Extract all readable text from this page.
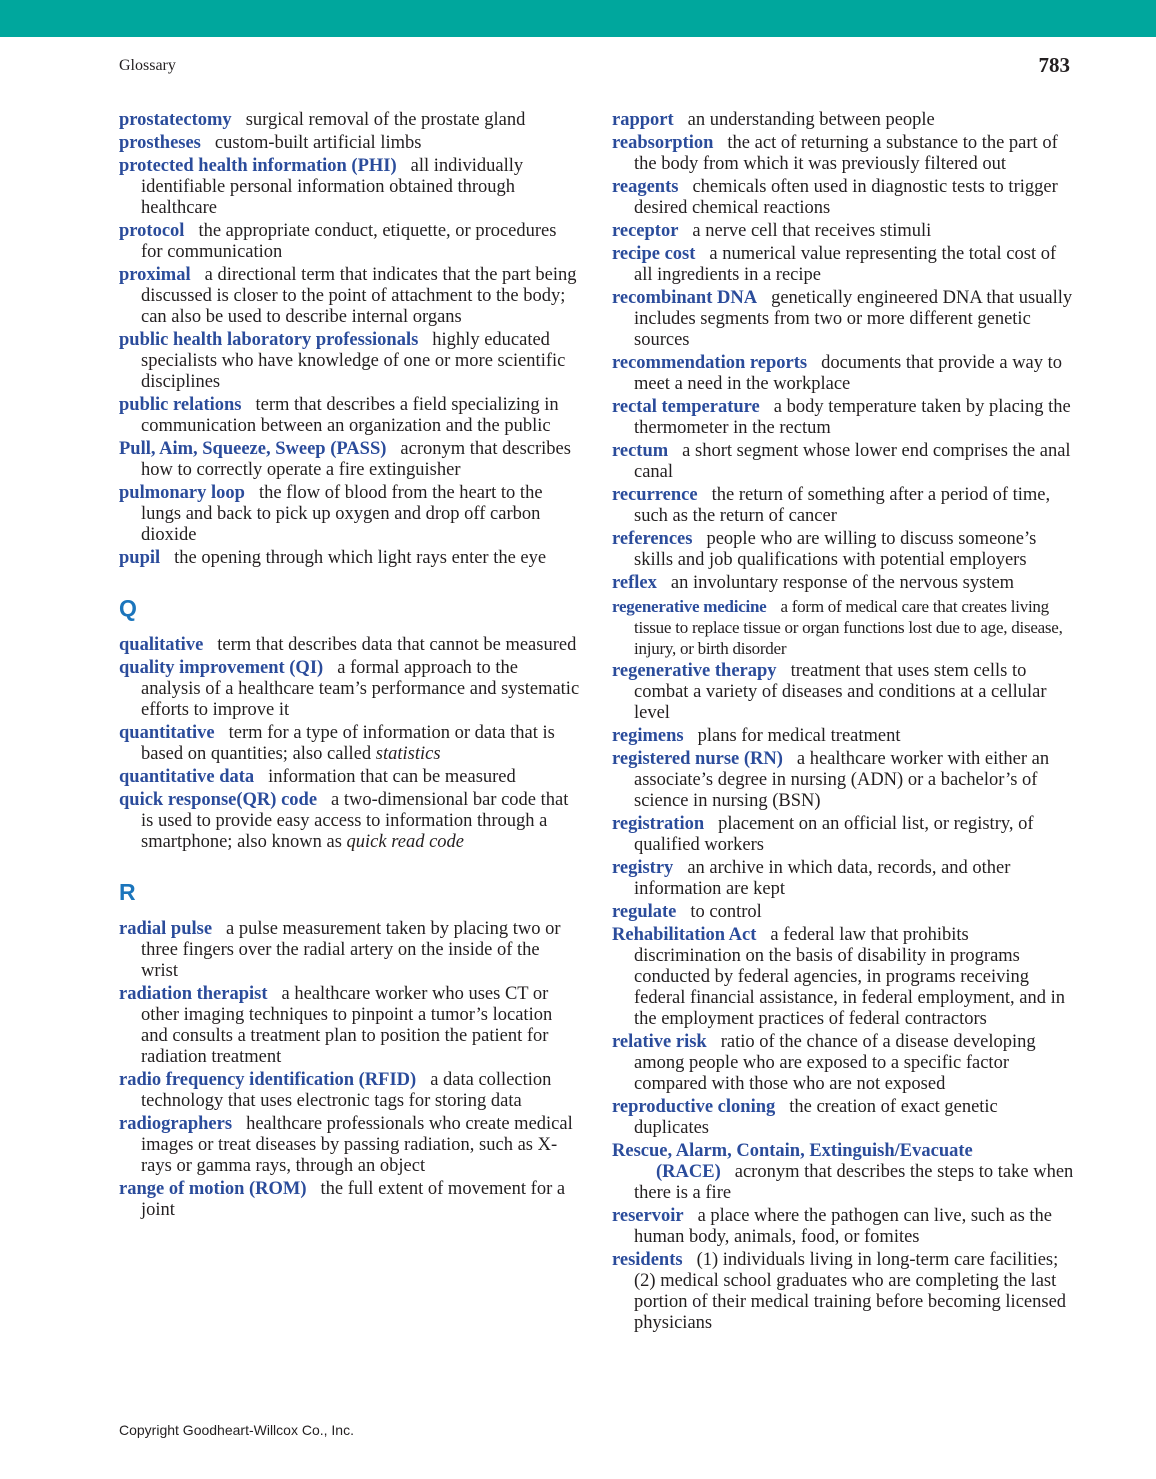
Glossary	783
prostatectomy surgical removal of the prostate gland
prostheses custom-built artificial limbs
protected health information (PHI) all individually identifiable personal information obtained through healthcare
protocol the appropriate conduct, etiquette, or procedures for communication
proximal a directional term that indicates that the part being discussed is closer to the point of attachment to the body; can also be used to describe internal organs
public health laboratory professionals highly educated specialists who have knowledge of one or more scientific disciplines
public relations term that describes a field specializing in communication between an organization and the public
Pull, Aim, Squeeze, Sweep (PASS) acronym that describes how to correctly operate a fire extinguisher
pulmonary loop the flow of blood from the heart to the lungs and back to pick up oxygen and drop off carbon dioxide
pupil the opening through which light rays enter the eye
Q
qualitative term that describes data that cannot be measured
quality improvement (QI) a formal approach to the analysis of a healthcare team’s performance and systematic efforts to improve it
quantitative term for a type of information or data that is based on quantities; also called statistics
quantitative data information that can be measured
quick response(QR) code a two-dimensional bar code that is used to provide easy access to information through a smartphone; also known as quick read code
R
radial pulse a pulse measurement taken by placing two or three fingers over the radial artery on the inside of the wrist
radiation therapist a healthcare worker who uses CT or other imaging techniques to pinpoint a tumor’s location and consults a treatment plan to position the patient for radiation treatment
radio frequency identification (RFID) a data collection technology that uses electronic tags for storing data
radiographers healthcare professionals who create medical images or treat diseases by passing radiation, such as X-rays or gamma rays, through an object
range of motion (ROM) the full extent of movement for a joint
rapport an understanding between people
reabsorption the act of returning a substance to the part of the body from which it was previously filtered out
reagents chemicals often used in diagnostic tests to trigger desired chemical reactions
receptor a nerve cell that receives stimuli
recipe cost a numerical value representing the total cost of all ingredients in a recipe
recombinant DNA genetically engineered DNA that usually includes segments from two or more different genetic sources
recommendation reports documents that provide a way to meet a need in the workplace
rectal temperature a body temperature taken by placing the thermometer in the rectum
rectum a short segment whose lower end comprises the anal canal
recurrence the return of something after a period of time, such as the return of cancer
references people who are willing to discuss someone’s skills and job qualifications with potential employers
reflex an involuntary response of the nervous system
regenerative medicine a form of medical care that creates living tissue to replace tissue or organ functions lost due to age, disease, injury, or birth disorder
regenerative therapy treatment that uses stem cells to combat a variety of diseases and conditions at a cellular level
regimens plans for medical treatment
registered nurse (RN) a healthcare worker with either an associate’s degree in nursing (ADN) or a bachelor’s of science in nursing (BSN)
registration placement on an official list, or registry, of qualified workers
registry an archive in which data, records, and other information are kept
regulate to control
Rehabilitation Act a federal law that prohibits discrimination on the basis of disability in programs conducted by federal agencies, in programs receiving federal financial assistance, in federal employment, and in the employment practices of federal contractors
relative risk ratio of the chance of a disease developing among people who are exposed to a specific factor compared with those who are not exposed
reproductive cloning the creation of exact genetic duplicates
Rescue, Alarm, Contain, Extinguish/Evacuate
(RACE) acronym that describes the steps to take when there is a fire
reservoir a place where the pathogen can live, such as the human body, animals, food, or fomites
residents (1) individuals living in long-term care facilities; (2) medical school graduates who are completing the last portion of their medical training before becoming licensed physicians
Copyright Goodheart-Willcox Co., Inc.
